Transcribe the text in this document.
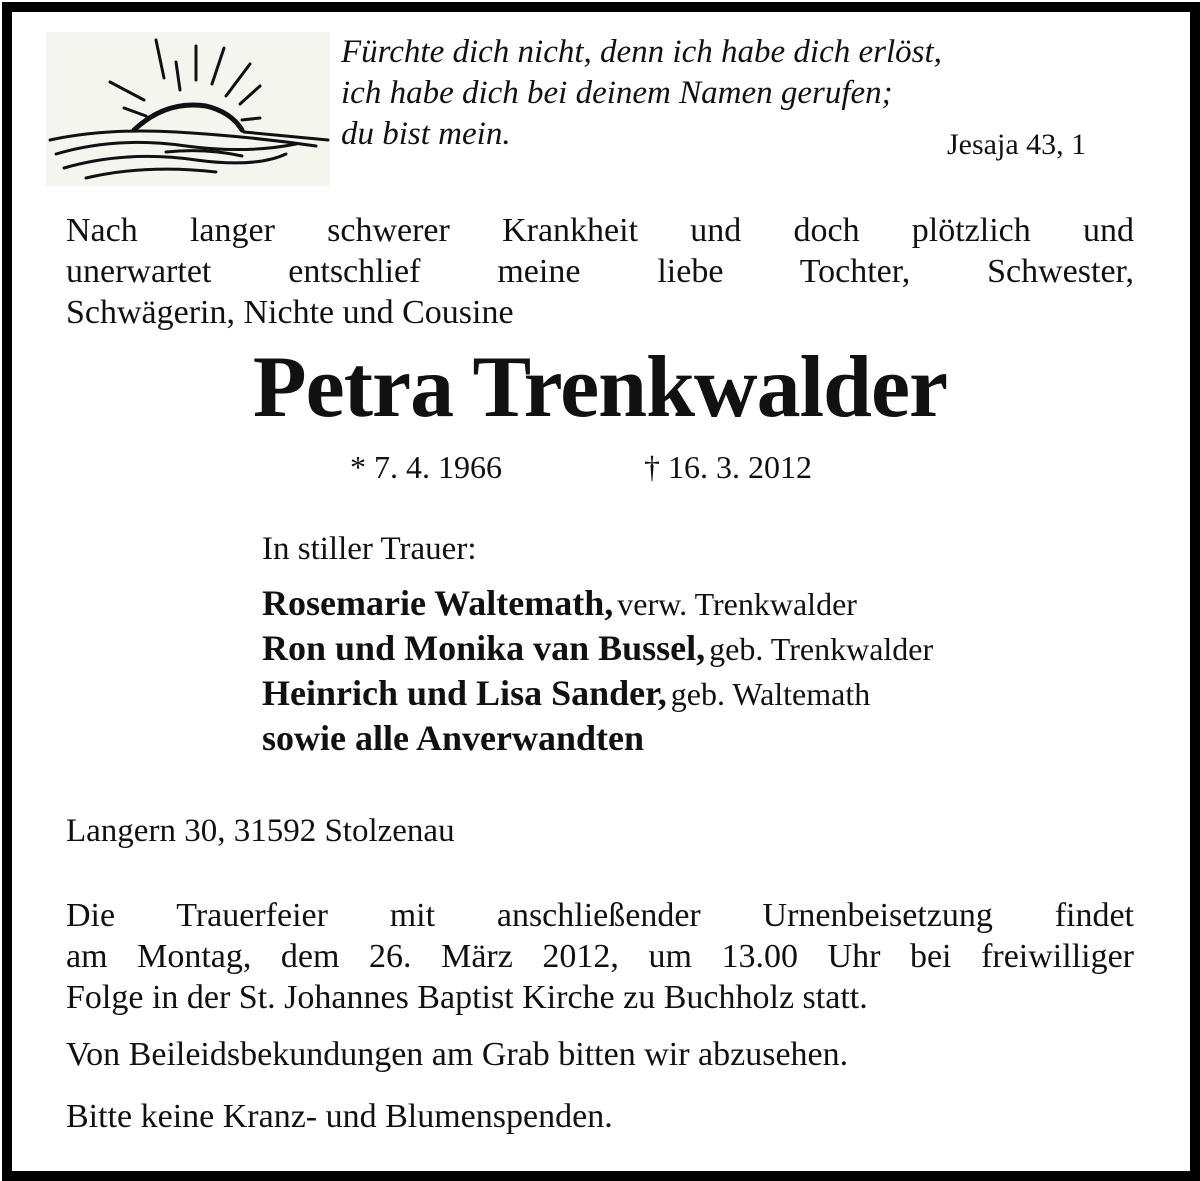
Fürchte dich nicht, denn ich habe dich erlöst,
ich habe dich bei deinem Namen gerufen;
du bist mein.	Jesaja 43, 1
Nach langer schwerer Krankheit und doch plötzlich und
unerwartet entschlief meine liebe Tochter, Schwester,
Schwägerin, Nichte und Cousine
Petra Trenkwalder
* 7. 4. 1966	† 16. 3. 2012
In stiller Trauer:
Rosemarie Waltemath, verw. Trenkwalder
Ron und Monika van Bussel, geb. Trenkwalder
Heinrich und Lisa Sander, geb. Waltemath
sowie alle Anverwandten
Langern 30, 31592 Stolzenau
Die Trauerfeier mit anschließender Urnenbeisetzung findet
am Montag, dem 26. März 2012, um 13.00 Uhr bei freiwilliger
Folge in der St. Johannes Baptist Kirche zu Buchholz statt.
Von Beileidsbekundungen am Grab bitten wir abzusehen.
Bitte keine Kranz- und Blumenspenden.
